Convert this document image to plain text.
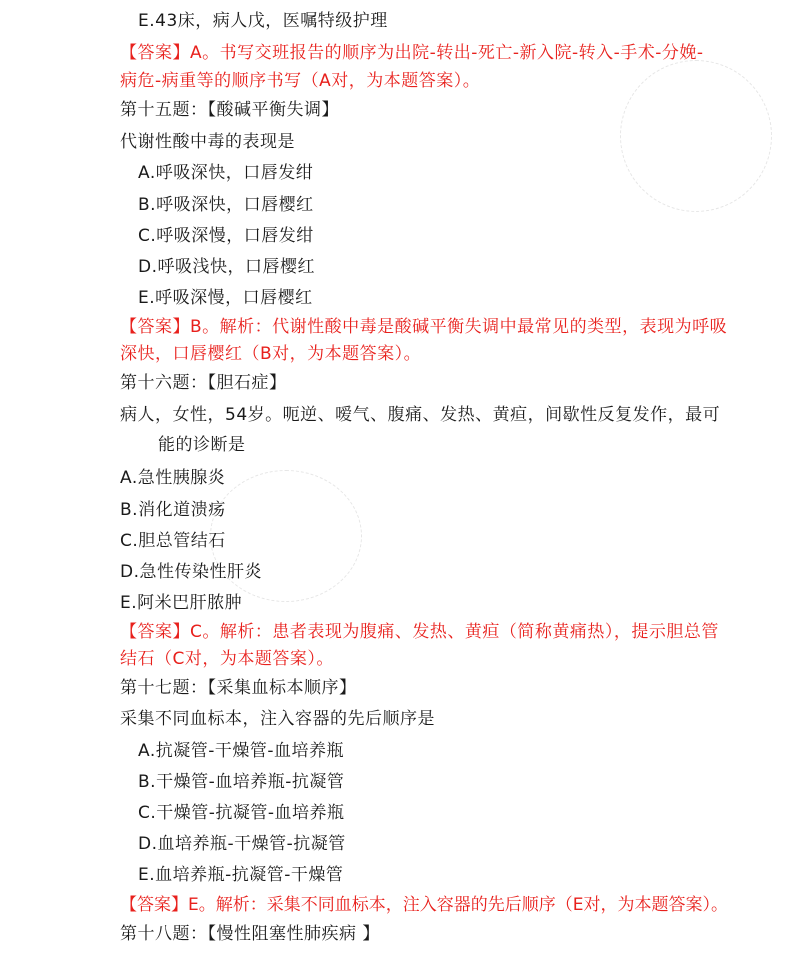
E.43床，病人戊，医嘱特级护理
【答案】A。书写交班报告的顺序为出院-转出-死亡-新入院-转入-手术-分娩-
病危-病重等的顺序书写（A对，为本题答案）。
第十五题：【酸碱平衡失调】
代谢性酸中毒的表现是
A.呼吸深快，口唇发绀
B.呼吸深快，口唇樱红
C.呼吸深慢，口唇发绀
D.呼吸浅快，口唇樱红
E.呼吸深慢，口唇樱红
【答案】B。解析：代谢性酸中毒是酸碱平衡失调中最常见的类型，表现为呼吸
深快，口唇樱红（B对，为本题答案）。
第十六题：【胆石症】
病人，女性，54岁。呃逆、嗳气、腹痛、发热、黄疸，间歇性反复发作，最可
能的诊断是
A.急性胰腺炎
B.消化道溃疡
C.胆总管结石
D.急性传染性肝炎
E.阿米巴肝脓肿
【答案】C。解析：患者表现为腹痛、发热、黄疸（简称黄痛热），提示胆总管
结石（C对，为本题答案）。
第十七题：【采集血标本顺序】
采集不同血标本，注入容器的先后顺序是
A.抗凝管-干燥管-血培养瓶
B.干燥管-血培养瓶-抗凝管
C.干燥管-抗凝管-血培养瓶
D.血培养瓶-干燥管-抗凝管
E.血培养瓶-抗凝管-干燥管
【答案】E。解析：采集不同血标本，注入容器的先后顺序（E对，为本题答案）。
第十八题：【慢性阻塞性肺疾病 】
